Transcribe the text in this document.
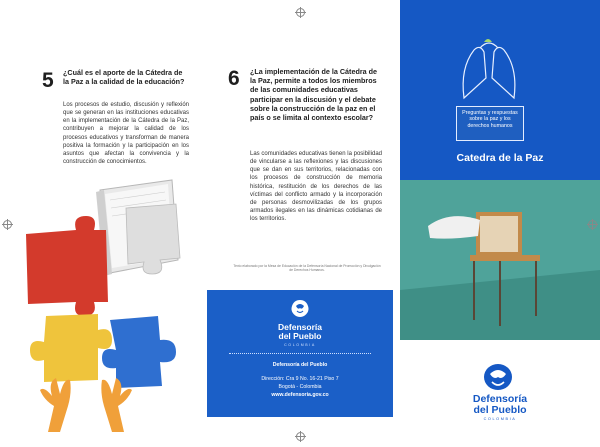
5 ¿Cuál es el aporte de la Cátedra de la Paz a la calidad de la educación?
Los procesos de estudio, discusión y reflexión que se generan en las instituciones educativas en la implementación de la Cátedra de la Paz, contribuyen a mejorar la calidad de los procesos educativos y transforman de manera positiva la formación y la participación en los asuntos que afectan la convivencia y la construcción de conocimientos.
6 ¿La implementación de la Cátedra de la Paz, permite a todos los miembros de las comunidades educativas participar en la discusión y el debate sobre la construcción de la paz en el país o se limita al contexto escolar?
Las comunidades educativas tienen la posibilidad de vincularse a las reflexiones y las discusiones que se dan en sus territorios, relacionadas con los procesos de construcción de memoria histórica, restitución de los derechos de las víctimas del conflicto armado y la incorporación de personas desmovilizadas de los grupos armados ilegales en las dinámicas cotidianas de los territorios.
Texto elaborado por la Mesa de Educación de la Defensoría Nacional de Promoción y Divulgación de Derechos Humanos.
Defensoría
del Pueblo
COLOMBIA
Defensoría del Pueblo
Dirección: Cra 9 No. 16-21 Piso 7
Bogotá - Colombia
www.defensoria.gov.co
Preguntas y respuestas sobre la paz y los derechos humanos
Catedra de la Paz
Defensoría
del Pueblo
COLOMBIA
